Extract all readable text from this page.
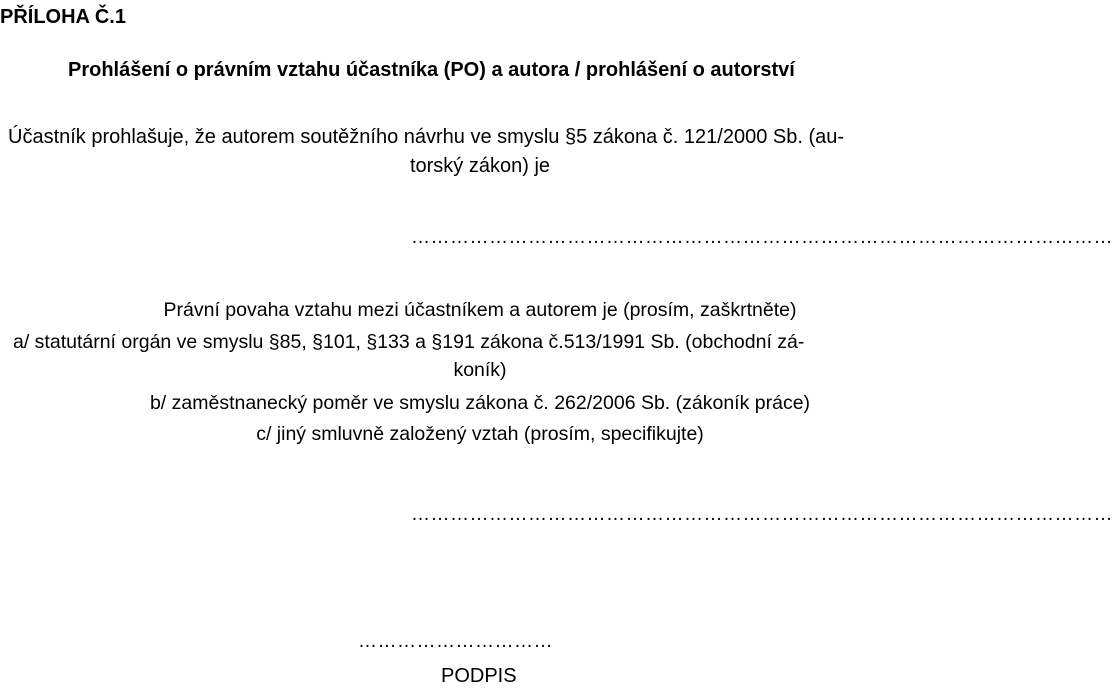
PŘÍLOHA Č.1
Prohlášení o právním vztahu účastníka (PO) a autora / prohlášení o autorství
Účastník prohlašuje, že autorem soutěžního návrhu ve smyslu §5 zákona č. 121/2000 Sb. (au-
torský zákon) je
………………………………………………………………………………………………
Právní povaha vztahu mezi účastníkem a autorem je (prosím, zaškrtněte)
a/ statutární orgán ve smyslu §85, §101, §133 a §191 zákona č.513/1991 Sb. (obchodní zá-
koník)
b/ zaměstnanecký poměr ve smyslu zákona č. 262/2006 Sb. (zákoník práce)
c/ jiný smluvně založený vztah (prosím, specifikujte)
………………………………………………………………………………………………
…………………………
PODPIS
